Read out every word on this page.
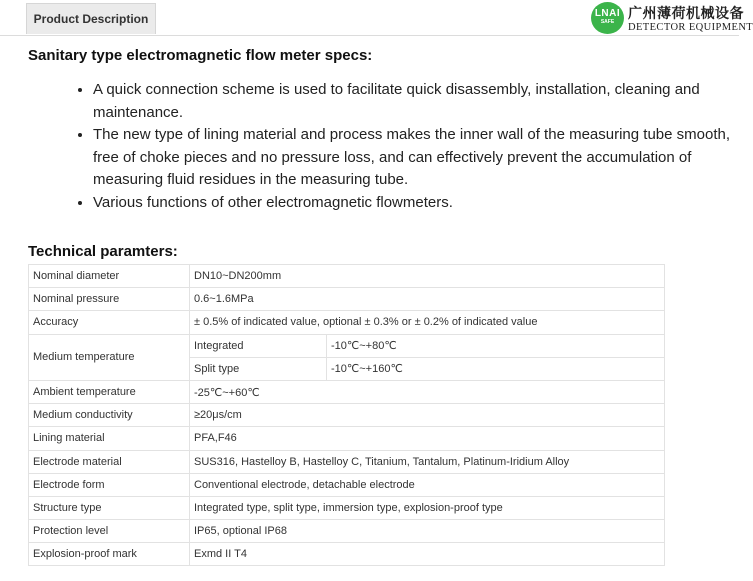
Product Description	LNAI
SAFE 广州薄荷机械设备
DETECTOR EQUIPMENT
Sanitary type electromagnetic flow meter specs:
• A quick connection scheme is used to facilitate quick disassembly, installation, cleaning and maintenance.
• The new type of lining material and process makes the inner wall of the measuring tube smooth, free of choke pieces and no pressure loss, and can effectively prevent the accumulation of measuring fluid residues in the measuring tube.
• Various functions of other electromagnetic flowmeters.
Technical paramters:
Nominal diameter	DN10~DN200mm	
Nominal pressure	0.6~1.6MPa	
Accuracy	± 0.5% of indicated value, optional ± 0.3% or ± 0.2% of indicated value	
Medium temperature	Integrated	-10℃~+80℃
	Split type	-10℃~+160℃
Ambient temperature	-25℃~+60℃	
Medium conductivity	≥20μs/cm	
Lining material	PFA,F46	
Electrode material	SUS316, Hastelloy B, Hastelloy C, Titanium, Tantalum, Platinum-Iridium Alloy	
Electrode form	Conventional electrode, detachable electrode	
Structure type	Integrated type, split type, immersion type, explosion-proof type	
Protection level	IP65, optional IP68	
Explosion-proof mark	Exmd II T4	
